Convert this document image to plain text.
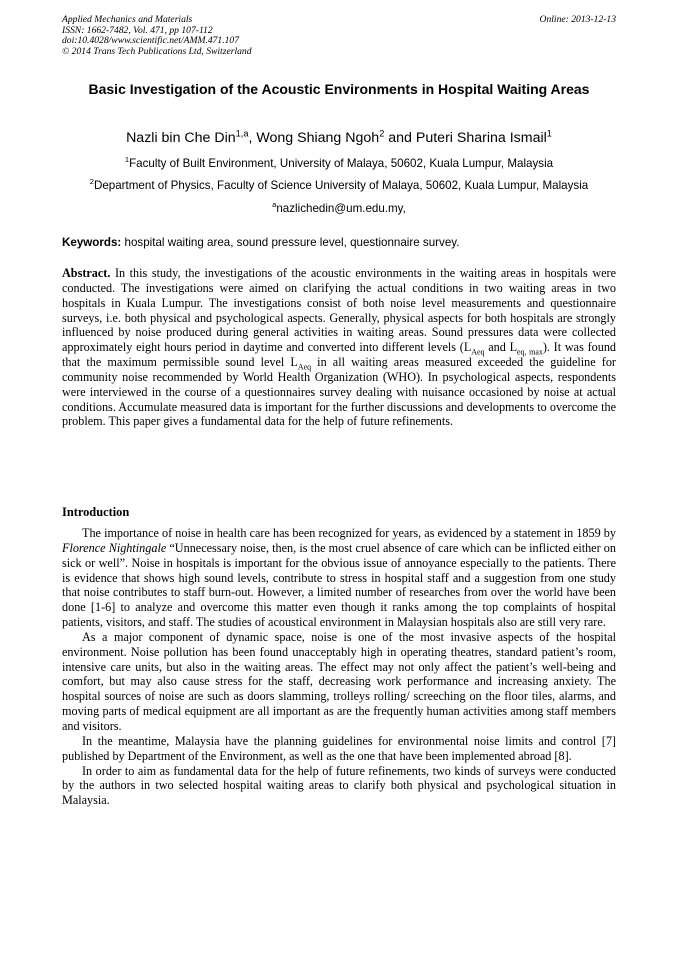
Applied Mechanics and Materials
ISSN: 1662-7482, Vol. 471, pp 107-112
doi:10.4028/www.scientific.net/AMM.471.107
© 2014 Trans Tech Publications Ltd, Switzerland
Online: 2013-12-13
Basic Investigation of the Acoustic Environments in Hospital Waiting Areas
Nazli bin Che Din$^{1,a}$, Wong Shiang Ngoh$^2$ and Puteri Sharina Ismail$^1$
$^1$Faculty of Built Environment, University of Malaya, 50602, Kuala Lumpur, Malaysia
$^2$Department of Physics, Faculty of Science University of Malaya, 50602, Kuala Lumpur, Malaysia
$^a$nazlichedin@um.edu.my,
Keywords: hospital waiting area, sound pressure level, questionnaire survey.

Abstract. In this study, the investigations of the acoustic environments in the waiting areas in hospitals were conducted. The investigations were aimed on clarifying the actual conditions in two waiting areas in two hospitals in Kuala Lumpur. The investigations consist of both noise level measurements and questionnaire surveys, i.e. both physical and psychological aspects. Generally, physical aspects for both hospitals are strongly influenced by noise produced during general activities in waiting areas. Sound pressures data were collected approximately eight hours period in daytime and converted into different levels ($L_{Aeq}$ and $L_{eq, max}$). It was found that the maximum permissible sound level $L_{Aeq}$ in all waiting areas measured exceeded the guideline for community noise recommended by World Health Organization (WHO). In psychological aspects, respondents were interviewed in the course of a questionnaires survey dealing with nuisance occasioned by noise at actual conditions. Accumulate measured data is important for the further discussions and developments to overcome the problem. This paper gives a fundamental data for the help of future refinements.

Introduction

The importance of noise in health care has been recognized for years, as evidenced by a statement in 1859 by Florence Nightingale “Unnecessary noise, then, is the most cruel absence of care which can be inflicted either on sick or well”. Noise in hospitals is important for the obvious issue of annoyance especially to the patients. There is evidence that shows high sound levels, contribute to stress in hospital staff and a suggestion from one study that noise contributes to staff burn-out. However, a limited number of researches from over the world have been done [1-6] to analyze and overcome this matter even though it ranks among the top complaints of hospital patients, visitors, and staff. The studies of acoustical environment in Malaysian hospitals also are still very rare.

As a major component of dynamic space, noise is one of the most invasive aspects of the hospital environment. Noise pollution has been found unacceptably high in operating theatres, standard patient’s room, intensive care units, but also in the waiting areas. The effect may not only affect the patient’s well-being and comfort, but may also cause stress for the staff, decreasing work performance and increasing anxiety. The hospital sources of noise are such as doors slamming, trolleys rolling/ screeching on the floor tiles, alarms, and moving parts of medical equipment are all important as are the frequently human activities among staff members and visitors.

In the meantime, Malaysia have the planning guidelines for environmental noise limits and control [7] published by Department of the Environment, as well as the one that have been implemented abroad [8].

In order to aim as fundamental data for the help of future refinements, two kinds of surveys were conducted by the authors in two selected hospital waiting areas to clarify both physical and psychological situation in Malaysia.
